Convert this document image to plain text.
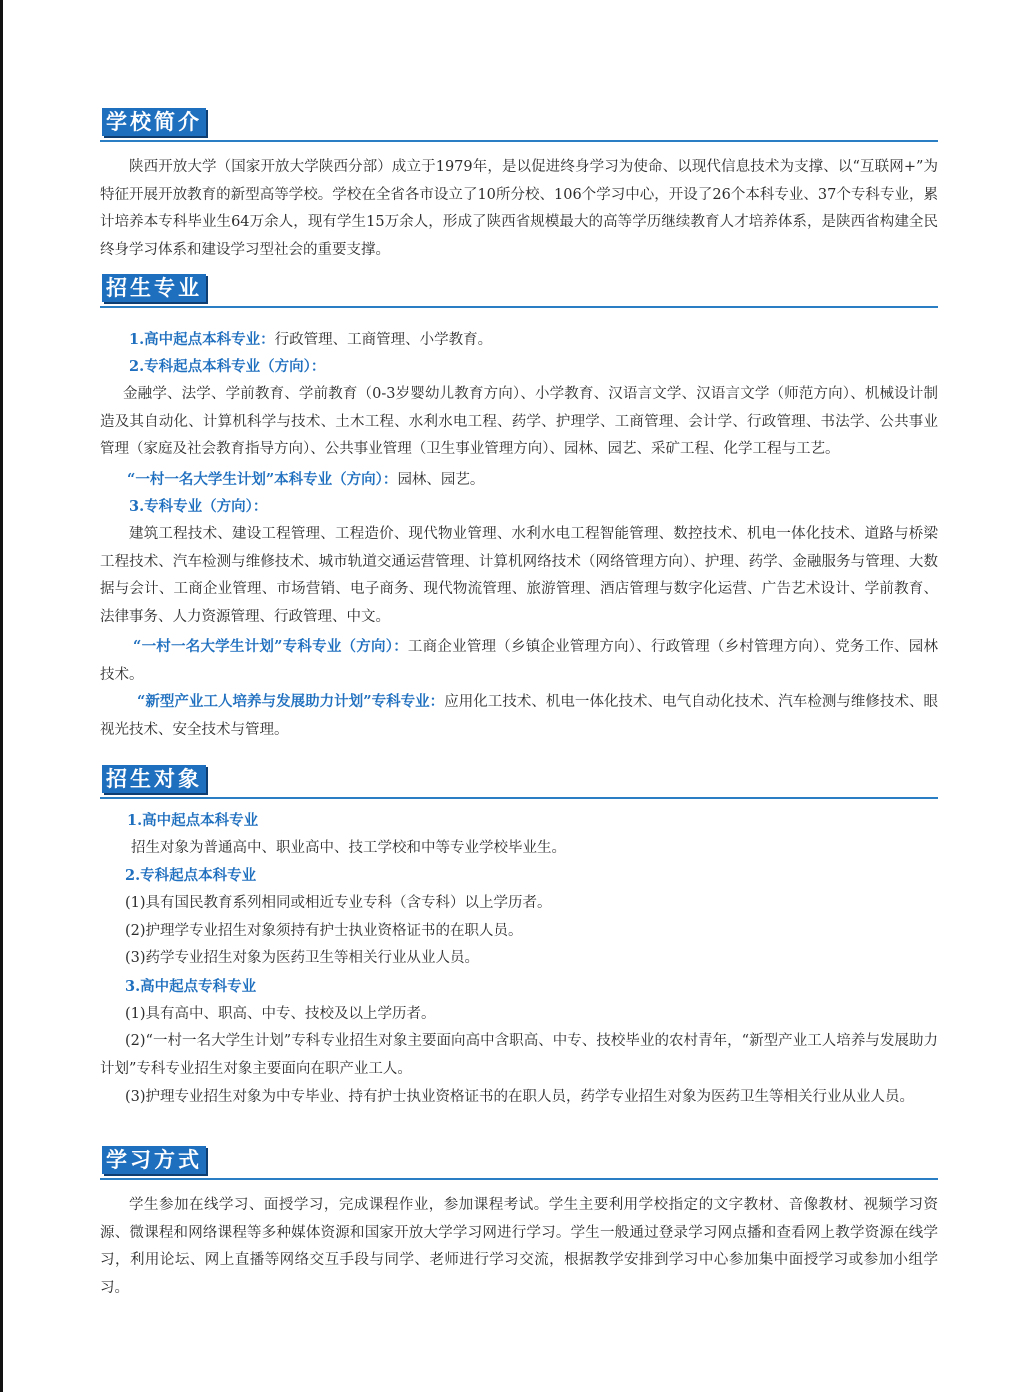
学校简介

陕西开放大学（国家开放大学陕西分部）成立于1979年，是以促进终身学习为使命、以现代信息技术为支撑、以“互联网+”为特征开展开放教育的新型高等学校。学校在全省各市设立了10所分校、106个学习中心，开设了26个本科专业、37个专科专业，累计培养本专科毕业生64万余人，现有学生15万余人，形成了陕西省规模最大的高等学历继续教育人才培养体系，是陕西省构建全民终身学习体系和建设学习型社会的重要支撑。

招生专业
1.高中起点本科专业：行政管理、工商管理、小学教育。
2.专科起点本科专业（方向）：

金融学、法学、学前教育、学前教育（0-3岁婴幼儿教育方向）、小学教育、汉语言文学、汉语言文学（师范方向）、机械设计制造及其自动化、计算机科学与技术、土木工程、水利水电工程、药学、护理学、工商管理、会计学、行政管理、书法学、公共事业管理（家庭及社会教育指导方向）、公共事业管理（卫生事业管理方向）、园林、园艺、采矿工程、化学工程与工艺。

“一村一名大学生计划”本科专业（方向）：园林、园艺。
3.专科专业（方向）：

建筑工程技术、建设工程管理、工程造价、现代物业管理、水利水电工程智能管理、数控技术、机电一体化技术、道路与桥梁工程技术、汽车检测与维修技术、城市轨道交通运营管理、计算机网络技术（网络管理方向）、护理、药学、金融服务与管理、大数据与会计、工商企业管理、市场营销、电子商务、现代物流管理、旅游管理、酒店管理与数字化运营、广告艺术设计、学前教育、法律事务、人力资源管理、行政管理、中文。

“一村一名大学生计划”专科专业（方向）：工商企业管理（乡镇企业管理方向）、行政管理（乡村管理方向）、党务工作、园林技术。

“新型产业工人培养与发展助力计划”专科专业：应用化工技术、机电一体化技术、电气自动化技术、汽车检测与维修技术、眼视光技术、安全技术与管理。

招生对象
1.高中起点本科专业
招生对象为普通高中、职业高中、技工学校和中等专业学校毕业生。
2.专科起点本科专业
(1)具有国民教育系列相同或相近专业专科（含专科）以上学历者。
(2)护理学专业招生对象须持有护士执业资格证书的在职人员。
(3)药学专业招生对象为医药卫生等相关行业从业人员。
3.高中起点专科专业
(1)具有高中、职高、中专、技校及以上学历者。

(2)“一村一名大学生计划”专科专业招生对象主要面向高中含职高、中专、技校毕业的农村青年，“新型产业工人培养与发展助力计划”专科专业招生对象主要面向在职产业工人。

(3)护理专业招生对象为中专毕业、持有护士执业资格证书的在职人员，药学专业招生对象为医药卫生等相关行业从业人员。

学习方式

学生参加在线学习、面授学习，完成课程作业，参加课程考试。学生主要利用学校指定的文字教材、音像教材、视频学习资源、微课程和网络课程等多种媒体资源和国家开放大学学习网进行学习。学生一般通过登录学习网点播和查看网上教学资源在线学习，利用论坛、网上直播等网络交互手段与同学、老师进行学习交流，根据教学安排到学习中心参加集中面授学习或参加小组学习。
